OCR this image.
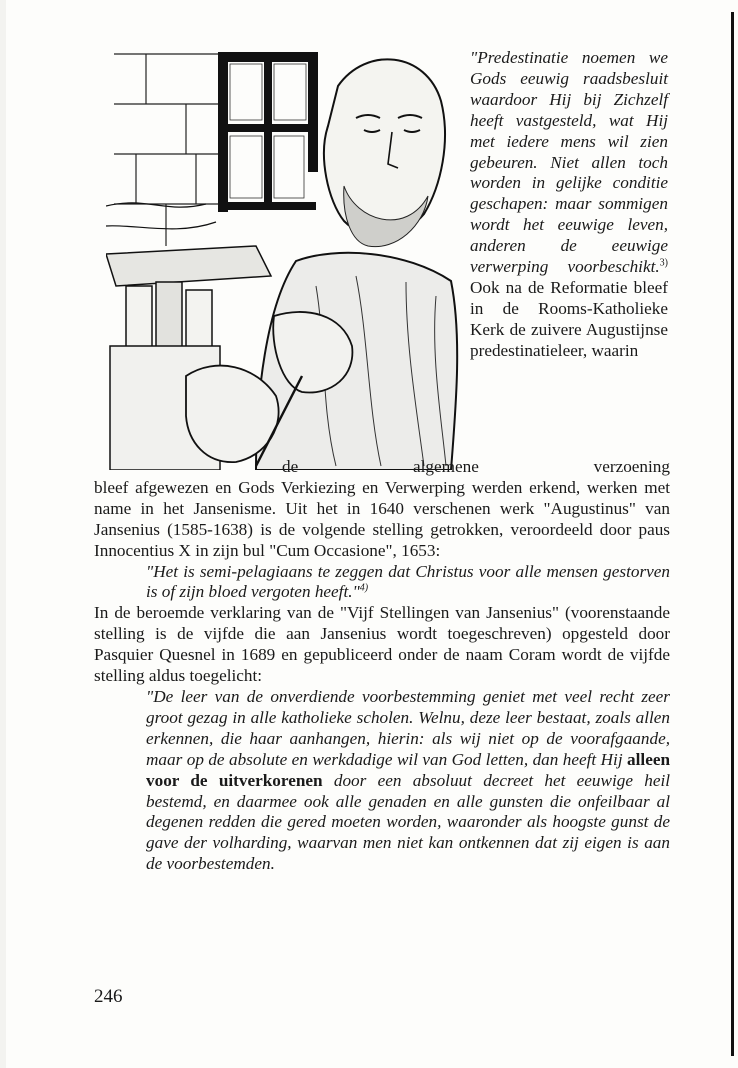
"Predestinatie noemen we Gods eeuwig raadsbesluit waardoor Hij bij Zichzelf heeft vastgesteld, wat Hij met iedere mens wil zien gebeuren. Niet allen toch worden in gelijke conditie geschapen: maar sommigen wordt het eeuwige leven, anderen de eeuwige verwerping voorbeschikt.$^{3)}$ Ook na de Reformatie bleef in de Rooms-Katholieke Kerk de zuivere Augustijnse predestinatieleer, waarin

de algemene verzoening

bleef afgewezen en Gods Verkiezing en Verwerping werden erkend, werken met name in het Jansenisme. Uit het in 1640 verschenen werk "Augustinus" van Jansenius (1585-1638) is de volgende stelling getrokken, veroordeeld door paus Innocentius X in zijn bul "Cum Occasione", 1653:

"Het is semi-pelagiaans te zeggen dat Christus voor alle mensen gestorven is of zijn bloed vergoten heeft."$^{4)}$

In de beroemde verklaring van de "Vijf Stellingen van Jansenius" (voorenstaande stelling is de vijfde die aan Jansenius wordt toegeschreven) opgesteld door Pasquier Quesnel in 1689 en gepubliceerd onder de naam Coram wordt de vijfde stelling aldus toegelicht:

"De leer van de onverdiende voorbestemming geniet met veel recht zeer groot gezag in alle katholieke scholen. Welnu, deze leer bestaat, zoals allen erkennen, die haar aanhangen, hierin: als wij niet op de voorafgaande, maar op de absolute en werkdadige wil van God letten, dan heeft Hij alleen voor de uitverkorenen door een absoluut decreet het eeuwige heil bestemd, en daarmee ook alle genaden en alle gunsten die onfeilbaar al degenen redden die gered moeten worden, waaronder als hoogste gunst de gave der volharding, waarvan men niet kan ontkennen dat zij eigen is aan de voorbestemden.

246
